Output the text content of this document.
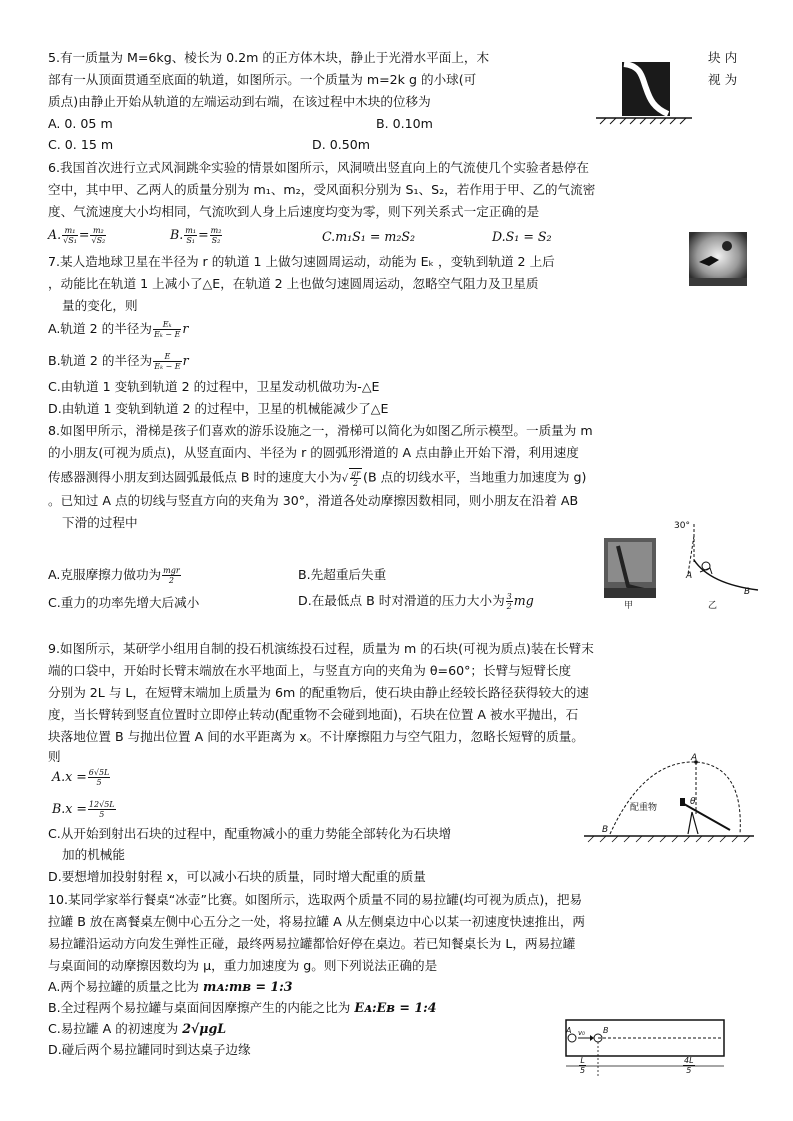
5.有一质量为 M=6kg、棱长为 0.2m 的正方体木块，静止于光滑水平面上，木	块 内
部有一从顶面贯通至底面的轨道，如图所示。一个质量为 m=2k g 的小球(可	视 为
质点)由静止开始从轨道的左端运动到右端，在该过程中木块的位移为
A. 0. 05 m	B. 0.10m
C. 0. 15 m	D. 0.50m
6.我国首次进行立式风洞跳伞实验的情景如图所示，风洞喷出竖直向上的气流使几个实验者悬停在
空中，其中甲、乙两人的质量分别为 m₁、m₂，受风面积分别为 S₁、S₂，若作用于甲、乙的气流密
度、气流速度大小均相同，气流吹到人身上后速度均变为零，则下列关系式一定正确的是
A. $\frac{\text{m₁}}{\text{√S₁}} = \frac{\text{m₂}}{\text{√S₂}}$	B. $\frac{\text{m₁}}{\text{S₁}} = \frac{\text{m₂}}{\text{S₂}}$	C.m₁S₁ = m₂S₂	D.S₁ = S₂
7.某人造地球卫星在半径为 r 的轨道 1 上做匀速圆周运动，动能为 Eₖ ，变轨到轨道 2 上后
，动能比在轨道 1 上减小了△E，在轨道 2 上也做匀速圆周运动，忽略空气阻力及卫星质
量的变化，则
A.轨道 2 的半径为 $\frac{\text{Eₖ}}{\text{Eₖ − E}}$ r
B.轨道 2 的半径为 $\frac{E}{\text{Eₖ − E}}$ r
C.由轨道 1 变轨到轨道 2 的过程中，卫星发动机做功为-△E
D.由轨道 1 变轨到轨道 2 的过程中，卫星的机械能减少了△E
8.如图甲所示，滑梯是孩子们喜欢的游乐设施之一，滑梯可以简化为如图乙所示模型。一质量为 m
的小朋友(可视为质点)，从竖直面内、半径为 r 的圆弧形滑道的 A 点由静止开始下滑，利用速度
传感器测得小朋友到达圆弧最低点 B 时的速度大小为√ $\frac{gr}{2} (B$ 点的切线水平，当地重力加速度为 g)
。已知过 A 点的切线与竖直方向的夹角为 30°，滑道各处动摩擦因数相同，则小朋友在沿着 AB
下滑的过程中
A.克服摩擦力做功为 $\frac{\text{mgr}}{2}$	B.先超重后失重
C.重力的功率先增大后减小	D.在最低点 B 时对滑道的压力大小为 $\frac{3}{2}$ mg	甲
30°
A
B
乙
9.如图所示，某研学小组用自制的投石机演练投石过程，质量为 m 的石块(可视为质点)装在长臂末
端的口袋中，开始时长臂末端放在水平地面上，与竖直方向的夹角为 θ=60°；长臂与短臂长度
分别为 2L 与 L，在短臂末端加上质量为 6m 的配重物后，使石块由静止经较长路径获得较大的速
度，当长臂转到竖直位置时立即停止转动(配重物不会碰到地面)，石块在位置 A 被水平抛出，石
块落地位置 B 与抛出位置 A 间的水平距离为 x。不计摩擦阻力与空气阻力，忽略长短臂的质量。
则
$A.x = \frac{6√5L}{5}$
$B.x = \frac{12√5L}{5}$
C.从开始到射出石块的过程中，配重物减小的重力势能全部转化为石块增
加的机械能
D.要想增加投射射程 x，可以减小石块的质量，同时增大配重的质量
A
B
θ
配重物
10.某同学家举行餐桌“冰壶”比赛。如图所示，选取两个质量不同的易拉罐(均可视为质点)，把易
拉罐 B 放在离餐桌左侧中心五分之一处，将易拉罐 A 从左侧桌边中心以某一初速度快速推出，两
易拉罐沿运动方向发生弹性正碰，最终两易拉罐都恰好停在桌边。若已知餐桌长为 L，两易拉罐
与桌面间的动摩擦因数均为 μ，重力加速度为 g。则下列说法正确的是
A.两个易拉罐的质量之比为 mᴀ:mʙ = 1:3
B.全过程两个易拉罐与桌面间因摩擦产生的内能之比为 Eᴀ:Eʙ = 1:4
C.易拉罐 A 的初速度为 2√μgL
D.碰后两个易拉罐同时到达桌子边缘
A v₀ B
$\frac{L}{5}$	$\frac{4L}{5}$
